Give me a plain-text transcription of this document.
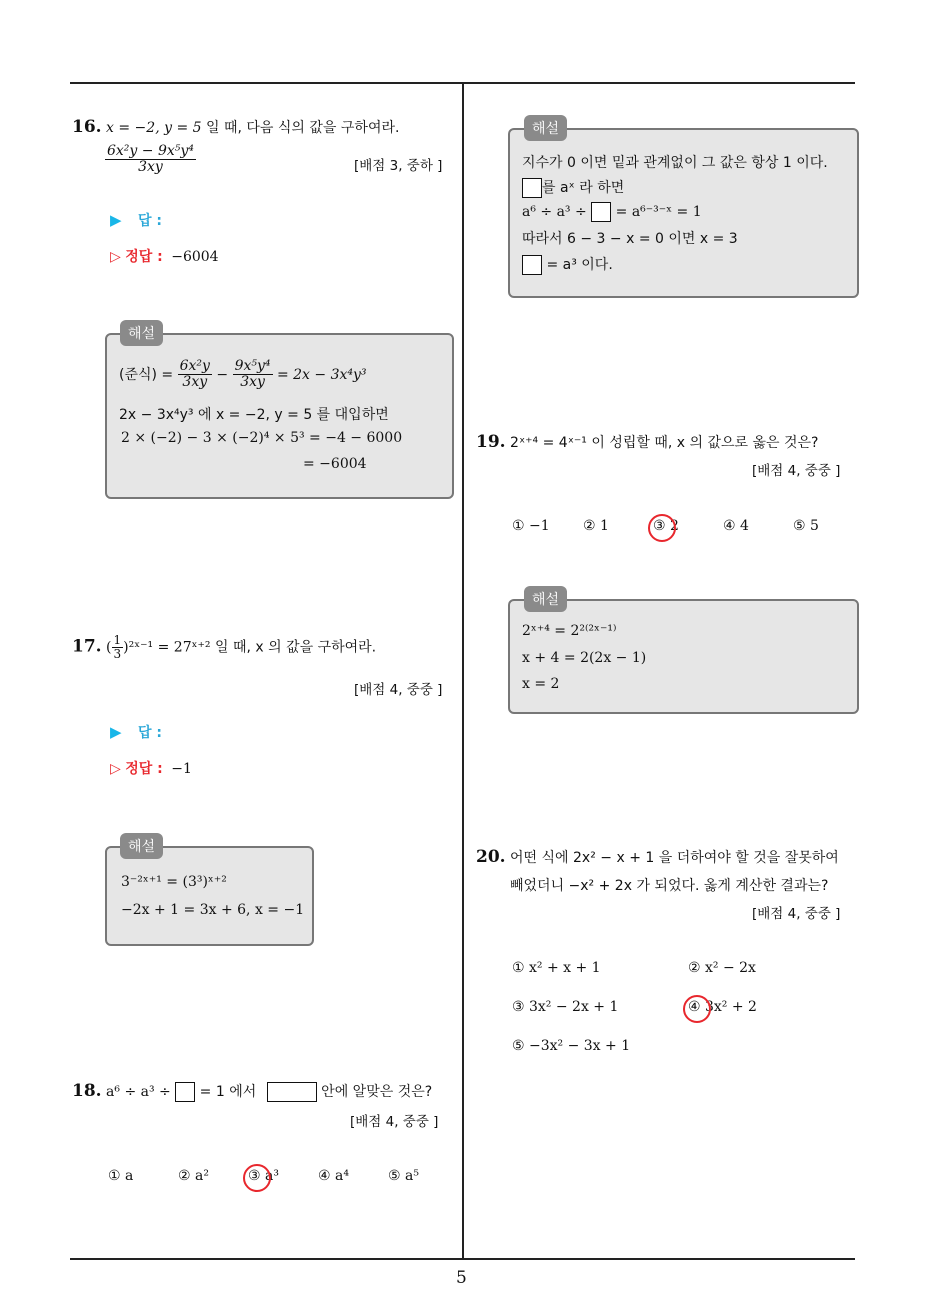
5
16. x = −2, y = 5 일 때, 다음 식의 값을 구하여라.
$\frac{\text{6x²y − 9x⁵y⁴}}{3xy}$	[배점 3, 중하 ]
▶ 답 :
▷ 정답 : −6004
(준식) = $\frac{\text{6x²y}}{3xy} - \frac{\text{9x⁵y⁴}}{3xy} = 2x - 3x^4y^3$
2x − 3x⁴y³ 에 x = −2, y = 5 를 대입하면
2 × (−2) − 3 × (−2)⁴ × 5³ = −4 − 6000
= −6004
해설
17. ( $\frac{1}{3}$ )²ˣ⁻¹ = 27ˣ⁺² 일 때, x 의 값을 구하여라.
[배점 4, 중중 ]
▶ 답 :
▷ 정답 : −1
3⁻²ˣ⁺¹ = (3³)ˣ⁺²
−2x + 1 = 3x + 6, x = −1
해설
18. a⁶ ÷ a³ ÷  = 1 에서	안에 알맞은 것은?
[배점 4, 중중 ]
① a	② a²	③ a³	④ a⁴	⑤ a⁵
지수가 0 이면 밑과 관계없이 그 값은 항상 1 이다.
를 aˣ 라 하면
a⁶ ÷ a³ ÷ = a⁶⁻³⁻ˣ = 1
따라서 6 − 3 − x = 0 이면 x = 3
= a³ 이다.
해설
19. 2ˣ⁺⁴ = 4ˣ⁻¹ 이 성립할 때, x 의 값으로 옳은 것은?
[배점 4, 중중 ]
① −1 ② 1	③ 2	④ 4	⑤ 5
2ˣ⁺⁴ = 2²⁽²ˣ⁻¹⁾
x + 4 = 2(2x − 1)
x = 2
해설
20. 어떤 식에 2x² − x + 1 을 더하여야 할 것을 잘못하여
빼었더니 −x² + 2x 가 되었다. 옳게 계산한 결과는?
[배점 4, 중중 ]
① x² + x + 1	② x² − 2x
③ 3x² − 2x + 1	④ 3x² + 2
⑤ −3x² − 3x + 1
